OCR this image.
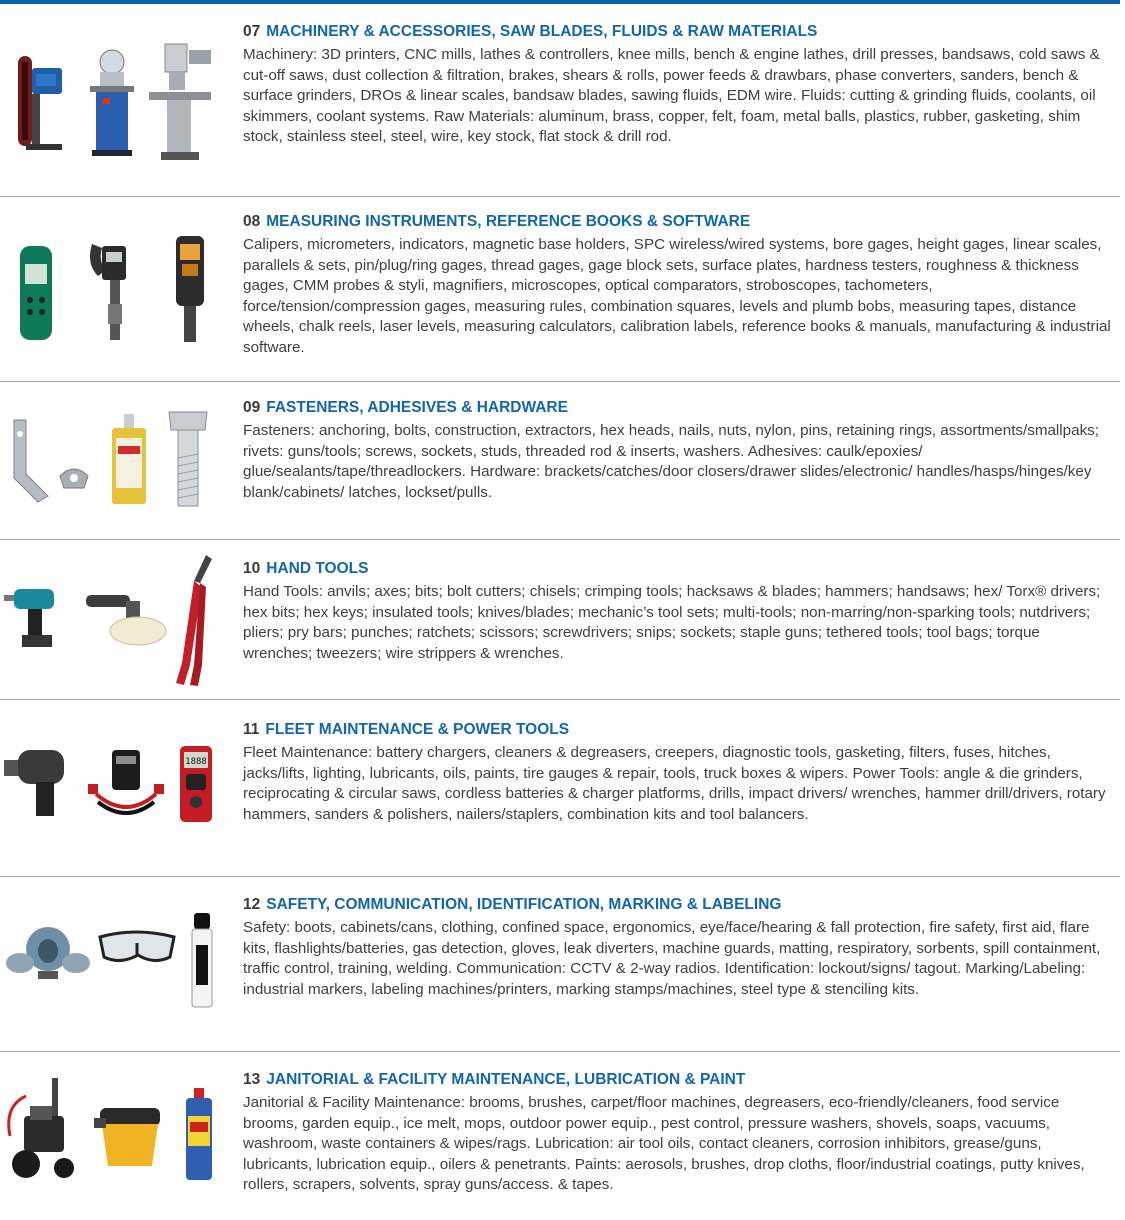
07 MACHINERY & ACCESSORIES, SAW BLADES, FLUIDS & RAW MATERIALS

Machinery: 3D printers, CNC mills, lathes & controllers, knee mills, bench & engine lathes, drill presses, bandsaws, cold saws & cut-off saws, dust collection & filtration, brakes, shears & rolls, power feeds & drawbars, phase converters, sanders, bench & surface grinders, DROs & linear scales, bandsaw blades, sawing fluids, EDM wire. Fluids: cutting & grinding fluids, coolants, oil skimmers, coolant systems. Raw Materials: aluminum, brass, copper, felt, foam, metal balls, plastics, rubber, gasketing, shim stock, stainless steel, steel, wire, key stock, flat stock & drill rod.

08 MEASURING INSTRUMENTS, REFERENCE BOOKS & SOFTWARE

Calipers, micrometers, indicators, magnetic base holders, SPC wireless/wired systems, bore gages, height gages, linear scales, parallels & sets, pin/plug/ring gages, thread gages, gage block sets, surface plates, hardness testers, roughness & thickness gages, CMM probes & styli, magnifiers, microscopes, optical comparators, stroboscopes, tachometers, force/tension/compression gages, measuring rules, combination squares, levels and plumb bobs, measuring tapes, distance wheels, chalk reels, laser levels, measuring calculators, calibration labels, reference books & manuals, manufacturing & industrial software.

09 FASTENERS, ADHESIVES & HARDWARE

Fasteners: anchoring, bolts, construction, extractors, hex heads, nails, nuts, nylon, pins, retaining rings, assortments/smallpaks; rivets: guns/tools; screws, sockets, studs, threaded rod & inserts, washers. Adhesives: caulk/epoxies/ glue/sealants/tape/threadlockers. Hardware: brackets/catches/door closers/drawer slides/electronic/ handles/hasps/hinges/key blank/cabinets/ latches, lockset/pulls.

10 HAND TOOLS

Hand Tools: anvils; axes; bits; bolt cutters; chisels; crimping tools; hacksaws & blades; hammers; handsaws; hex/ Torx® drivers; hex bits; hex keys; insulated tools; knives/blades; mechanic’s tool sets; multi-tools; non-marring/non-sparking tools; nutdrivers; pliers; pry bars; punches; ratchets; scissors; screwdrivers; snips; sockets; staple guns; tethered tools; tool bags; torque wrenches; tweezers; wire strippers & wrenches.

1888
11 FLEET MAINTENANCE & POWER TOOLS

Fleet Maintenance: battery chargers, cleaners & degreasers, creepers, diagnostic tools, gasketing, filters, fuses, hitches, jacks/lifts, lighting, lubricants, oils, paints, tire gauges & repair, tools, truck boxes & wipers. Power Tools: angle & die grinders, reciprocating & circular saws, cordless batteries & charger platforms, drills, impact drivers/ wrenches, hammer drill/drivers, rotary hammers, sanders & polishers, nailers/staplers, combination kits and tool balancers.

12 SAFETY, COMMUNICATION, IDENTIFICATION, MARKING & LABELING

Safety: boots, cabinets/cans, clothing, confined space, ergonomics, eye/face/hearing & fall protection, fire safety, first aid, flare kits, flashlights/batteries, gas detection, gloves, leak diverters, machine guards, matting, respiratory, sorbents, spill containment, traffic control, training, welding. Communication: CCTV & 2-way radios. Identification: lockout/signs/ tagout. Marking/Labeling: industrial markers, labeling machines/printers, marking stamps/machines, steel type & stenciling kits.

13 JANITORIAL & FACILITY MAINTENANCE, LUBRICATION & PAINT

Janitorial & Facility Maintenance: brooms, brushes, carpet/floor machines, degreasers, eco-friendly/cleaners, food service brooms, garden equip., ice melt, mops, outdoor power equip., pest control, pressure washers, shovels, soaps, vacuums, washroom, waste containers & wipes/rags. Lubrication: air tool oils, contact cleaners, corrosion inhibitors, grease/guns, lubricants, lubrication equip., oilers & penetrants. Paints: aerosols, brushes, drop cloths, floor/industrial coatings, putty knives, rollers, scrapers, solvents, spray guns/access. & tapes.
